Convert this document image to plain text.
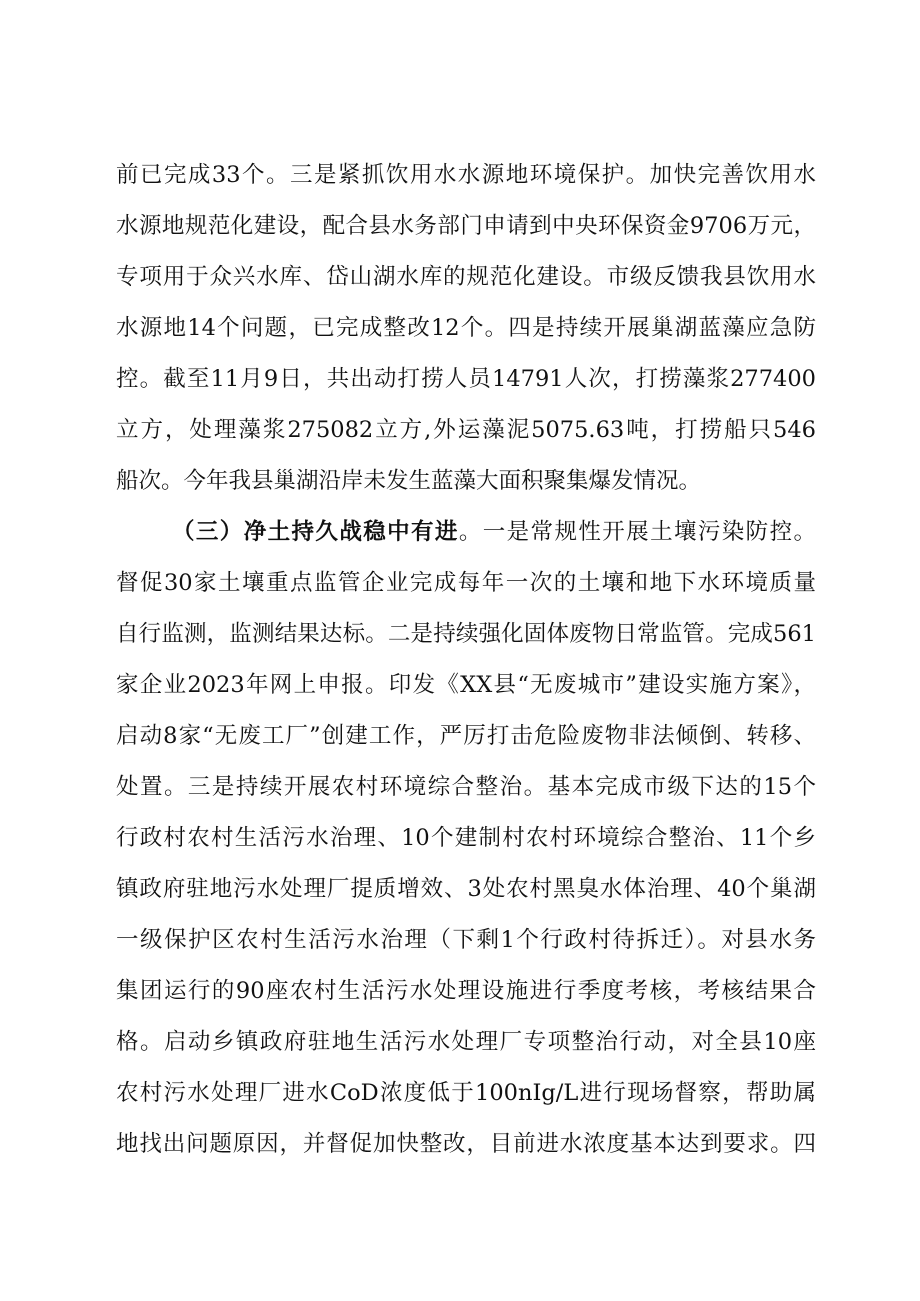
前已完成33个。三是紧抓饮用水水源地环境保护。加快完善饮用水
水源地规范化建设，配合县水务部门申请到中央环保资金9706万元，
专项用于众兴水库、岱山湖水库的规范化建设。市级反馈我县饮用水
水源地14个问题，已完成整改12个。四是持续开展巢湖蓝藻应急防
控。截至11月9日，共出动打捞人员14791人次，打捞藻浆277400
立方，处理藻浆275082立方,外运藻泥5075.63吨，打捞船只546
船次。今年我县巢湖沿岸未发生蓝藻大面积聚集爆发情况。
（三）净土持久战稳中有进。一是常规性开展土壤污染防控。
督促30家土壤重点监管企业完成每年一次的土壤和地下水环境质量
自行监测，监测结果达标。二是持续强化固体废物日常监管。完成561
家企业2023年网上申报。印发《XX县“无废城市”建设实施方案》，
启动8家“无废工厂”创建工作，严厉打击危险废物非法倾倒、转移、
处置。三是持续开展农村环境综合整治。基本完成市级下达的15个
行政村农村生活污水治理、10个建制村农村环境综合整治、11个乡
镇政府驻地污水处理厂提质增效、3处农村黑臭水体治理、40个巢湖
一级保护区农村生活污水治理（下剩1个行政村待拆迁）。对县水务
集团运行的90座农村生活污水处理设施进行季度考核，考核结果合
格。启动乡镇政府驻地生活污水处理厂专项整治行动，对全县10座
农村污水处理厂进水CoD浓度低于100nIg/L进行现场督察，帮助属
地找出问题原因，并督促加快整改，目前进水浓度基本达到要求。四
